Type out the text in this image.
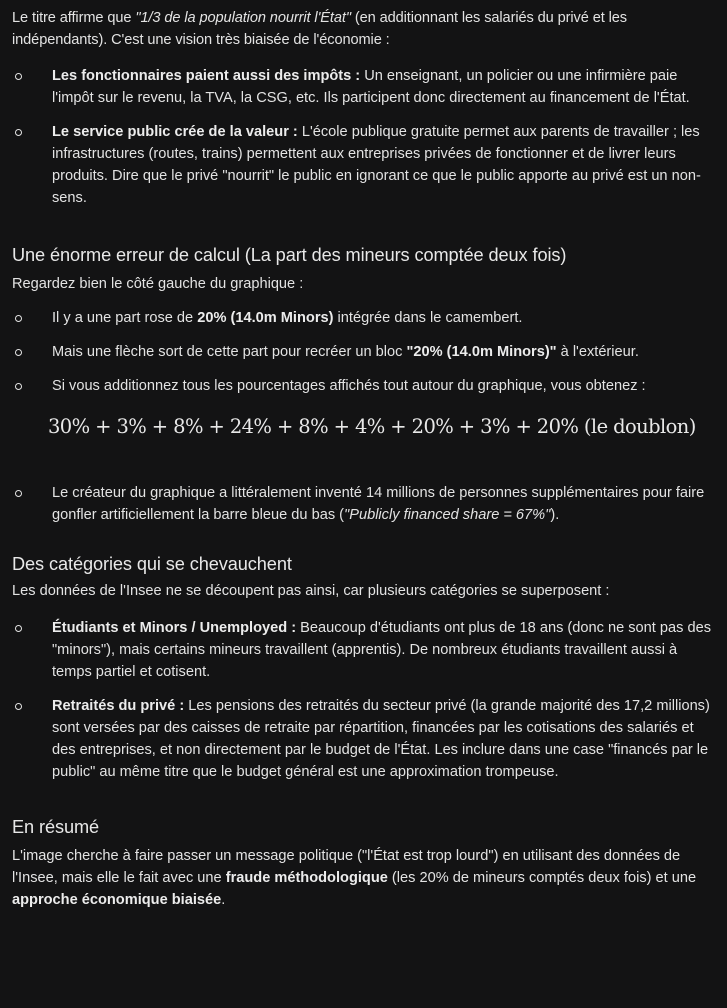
Le titre affirme que "1/3 de la population nourrit l'État" (en additionnant les salariés du privé et les indépendants). C'est une vision très biaisée de l'économie :

Les fonctionnaires paient aussi des impôts : Un enseignant, un policier ou une infirmière paie l'impôt sur le revenu, la TVA, la CSG, etc. Ils participent donc directement au financement de l'État.
Le service public crée de la valeur : L'école publique gratuite permet aux parents de travailler ; les infrastructures (routes, trains) permettent aux entreprises privées de fonctionner et de livrer leurs produits. Dire que le privé "nourrit" le public en ignorant ce que le public apporte au privé est un non-sens.
Une énorme erreur de calcul (La part des mineurs comptée deux fois)

Regardez bien le côté gauche du graphique :

Il y a une part rose de 20% (14.0m Minors) intégrée dans le camembert.
Mais une flèche sort de cette part pour recréer un bloc "20% (14.0m Minors)" à l'extérieur.
Si vous additionnez tous les pourcentages affichés tout autour du graphique, vous obtenez :
30% + 3% + 8% + 24% + 8% + 4% + 20% + 3% + 20% (le doublon)
Le créateur du graphique a littéralement inventé 14 millions de personnes supplémentaires pour faire gonfler artificiellement la barre bleue du bas ("Publicly financed share = 67%").
Des catégories qui se chevauchent

Les données de l'Insee ne se découpent pas ainsi, car plusieurs catégories se superposent :

Étudiants et Minors / Unemployed : Beaucoup d'étudiants ont plus de 18 ans (donc ne sont pas des "minors"), mais certains mineurs travaillent (apprentis). De nombreux étudiants travaillent aussi à temps partiel et cotisent.
Retraités du privé : Les pensions des retraités du secteur privé (la grande majorité des 17,2 millions) sont versées par des caisses de retraite par répartition, financées par les cotisations des salariés et des entreprises, et non directement par le budget de l'État. Les inclure dans une case "financés par le public" au même titre que le budget général est une approximation trompeuse.
En résumé

L'image cherche à faire passer un message politique ("l'État est trop lourd") en utilisant des données de l'Insee, mais elle le fait avec une fraude méthodologique (les 20% de mineurs comptés deux fois) et une approche économique biaisée.
